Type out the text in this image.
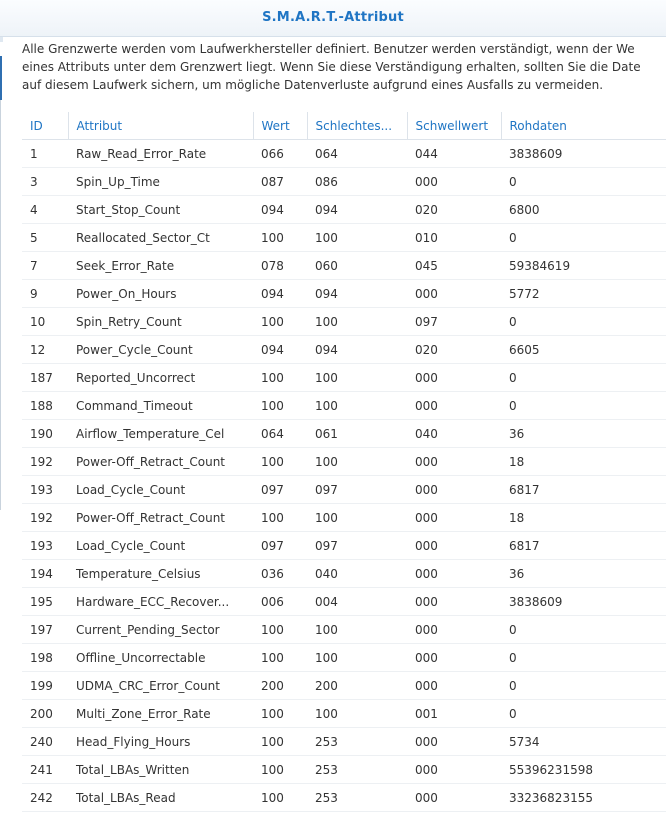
S.M.A.R.T.-Attribut
Alle Grenzwerte werden vom Laufwerkhersteller definiert. Benutzer werden verständigt, wenn der We
eines Attributs unter dem Grenzwert liegt. Wenn Sie diese Verständigung erhalten, sollten Sie die Date
auf diesem Laufwerk sichern, um mögliche Datenverluste aufgrund eines Ausfalls zu vermeiden.
ID	Attribut	Wert	Schlechtes...	Schwellwert	Rohdaten
1	Raw_Read_Error_Rate	066	064	044	3838609
3	Spin_Up_Time	087	086	000	0
4	Start_Stop_Count	094	094	020	6800
5	Reallocated_Sector_Ct	100	100	010	0
7	Seek_Error_Rate	078	060	045	59384619
9	Power_On_Hours	094	094	000	5772
10	Spin_Retry_Count	100	100	097	0
12	Power_Cycle_Count	094	094	020	6605
187	Reported_Uncorrect	100	100	000	0
188	Command_Timeout	100	100	000	0
190	Airflow_Temperature_Cel	064	061	040	36
192	Power-Off_Retract_Count	100	100	000	18
193	Load_Cycle_Count	097	097	000	6817
192	Power-Off_Retract_Count	100	100	000	18
193	Load_Cycle_Count	097	097	000	6817
194	Temperature_Celsius	036	040	000	36
195	Hardware_ECC_Recover...	006	004	000	3838609
197	Current_Pending_Sector	100	100	000	0
198	Offline_Uncorrectable	100	100	000	0
199	UDMA_CRC_Error_Count	200	200	000	0
200	Multi_Zone_Error_Rate	100	100	001	0
240	Head_Flying_Hours	100	253	000	5734
241	Total_LBAs_Written	100	253	000	55396231598
242	Total_LBAs_Read	100	253	000	33236823155
